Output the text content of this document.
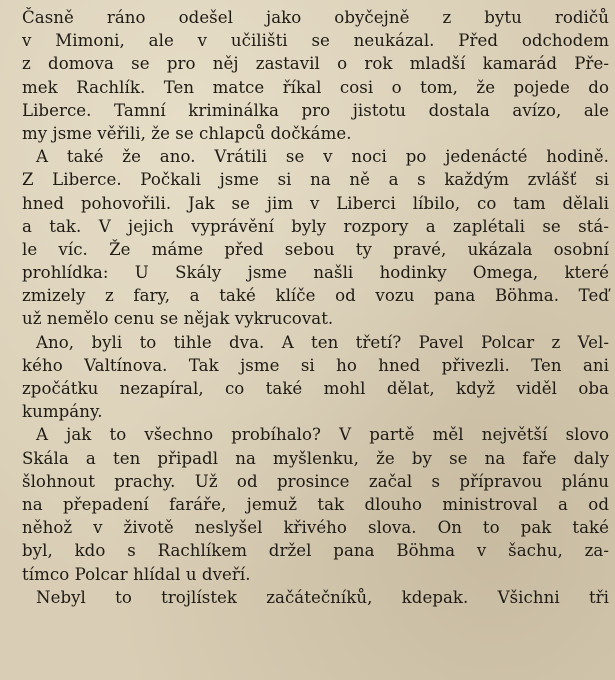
Časně ráno odešel jako obyčejně z bytu rodičů
v Mimoni, ale v učilišti se neukázal. Před odchodem
z domova se pro něj zastavil o rok mladší kamarád Pře-
mek Rachlík. Ten matce říkal cosi o tom, že pojede do
Liberce. Tamní kriminálka pro jistotu dostala avízo, ale
my jsme věřili, že se chlapců dočkáme.
A také že ano. Vrátili se v noci po jedenácté hodině.
Z Liberce. Počkali jsme si na ně a s každým zvlášť si
hned pohovořili. Jak se jim v Liberci líbilo, co tam dělali
a tak. V jejich vyprávění byly rozpory a zaplétali se stá-
le víc. Že máme před sebou ty pravé, ukázala osobní
prohlídka: U Skály jsme našli hodinky Omega, které
zmizely z fary, a také klíče od vozu pana Böhma. Teď
už nemělo cenu se nějak vykrucovat.
Ano, byli to tihle dva. A ten třetí? Pavel Polcar z Vel-
kého Valtínova. Tak jsme si ho hned přivezli. Ten ani
zpočátku nezapíral, co také mohl dělat, když viděl oba
kumpány.
A jak to všechno probíhalo? V partě měl největší slovo
Skála a ten připadl na myšlenku, že by se na faře daly
šlohnout prachy. Už od prosince začal s přípravou plánu
na přepadení faráře, jemuž tak dlouho ministroval a od
něhož v životě neslyšel křivého slova. On to pak také
byl, kdo s Rachlíkem držel pana Böhma v šachu, za-
tímco Polcar hlídal u dveří.
Nebyl to trojlístek začátečníků, kdepak. Všichni tři
